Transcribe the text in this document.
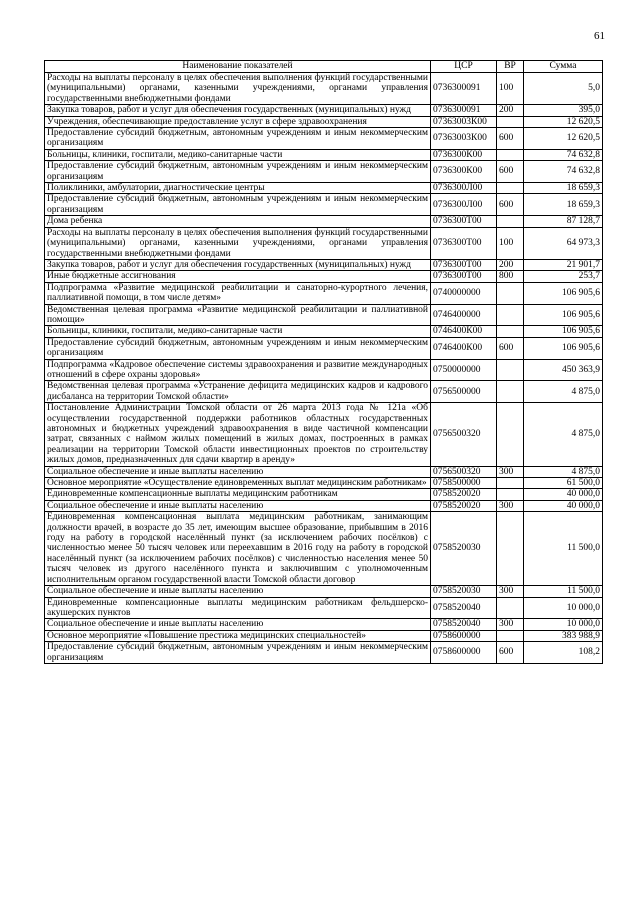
61
Наименование показателей	ЦСР	ВР	Сумма
Расходы на выплаты персоналу в целях обеспечения выполнения функций государственными (муниципальными) органами, казенными учреждениями, органами управления государственными внебюджетными фондами	0736300091	100	5,0
Закупка товаров, работ и услуг для обеспечения государственных (муниципальных) нужд	0736300091	200	395,0
Учреждения, обеспечивающие предоставление услуг в сфере здравоохранения	07363003К00		12 620,5
Предоставление субсидий бюджетным, автономным учреждениям и иным некоммерческим организациям	07363003К00	600	12 620,5
Больницы, клиники, госпитали, медико-санитарные части	0736300К00		74 632,8
Предоставление субсидий бюджетным, автономным учреждениям и иным некоммерческим организациям	0736300К00	600	74 632,8
Поликлиники, амбулатории, диагностические центры	0736300Л00		18 659,3
Предоставление субсидий бюджетным, автономным учреждениям и иным некоммерческим организациям	0736300Л00	600	18 659,3
Дома ребенка	0736300Т00		87 128,7
Расходы на выплаты персоналу в целях обеспечения выполнения функций государственными (муниципальными) органами, казенными учреждениями, органами управления государственными внебюджетными фондами	0736300Т00	100	64 973,3
Закупка товаров, работ и услуг для обеспечения государственных (муниципальных) нужд	0736300Т00	200	21 901,7
Иные бюджетные ассигнования	0736300Т00	800	253,7
Подпрограмма «Развитие медицинской реабилитации и санаторно-курортного лечения, паллиативной помощи, в том числе детям»	0740000000		106 905,6
Ведомственная целевая программа «Развитие медицинской реабилитации и паллиативной помощи»	0746400000		106 905,6
Больницы, клиники, госпитали, медико-санитарные части	0746400К00		106 905,6
Предоставление субсидий бюджетным, автономным учреждениям и иным некоммерческим организациям	0746400К00	600	106 905,6
Подпрограмма «Кадровое обеспечение системы здравоохранения и развитие международных отношений в сфере охраны здоровья»	0750000000		450 363,9
Ведомственная целевая программа «Устранение дефицита медицинских кадров и кадрового дисбаланса на территории Томской области»	0756500000		4 875,0
Постановление Администрации Томской области от 26 марта 2013 года № 121а «Об осуществлении государственной поддержки работников областных государственных автономных и бюджетных учреждений здравоохранения в виде частичной компенсации затрат, связанных с наймом жилых помещений в жилых домах, построенных в рамках реализации на территории Томской области инвестиционных проектов по строительству жилых домов, предназначенных для сдачи квартир в аренду»	0756500320		4 875,0
Социальное обеспечение и иные выплаты населению	0756500320	300	4 875,0
Основное мероприятие «Осуществление единовременных выплат медицинским работникам»	0758500000		61 500,0
Единовременные компенсационные выплаты медицинским работникам	0758520020		40 000,0
Социальное обеспечение и иные выплаты населению	0758520020	300	40 000,0
Единовременная компенсационная выплата медицинским работникам, занимающим должности врачей, в возрасте до 35 лет, имеющим высшее образование, прибывшим в 2016 году на работу в городской населённый пункт (за исключением рабочих посёлков) с численностью менее 50 тысяч человек или переехавшим в 2016 году на работу в городской населённый пункт (за исключением рабочих посёлков) с численностью населения менее 50 тысяч человек из другого населённого пункта и заключившим с уполномоченным исполнительным органом государственной власти Томской области договор	0758520030		11 500,0
Социальное обеспечение и иные выплаты населению	0758520030	300	11 500,0
Единовременные компенсационные выплаты медицинским работникам фельдшерско-акушерских пунктов	0758520040		10 000,0
Социальное обеспечение и иные выплаты населению	0758520040	300	10 000,0
Основное мероприятие «Повышение престижа медицинских специальностей»	0758600000		383 988,9
Предоставление субсидий бюджетным, автономным учреждениям и иным некоммерческим организациям	0758600000	600	108,2
